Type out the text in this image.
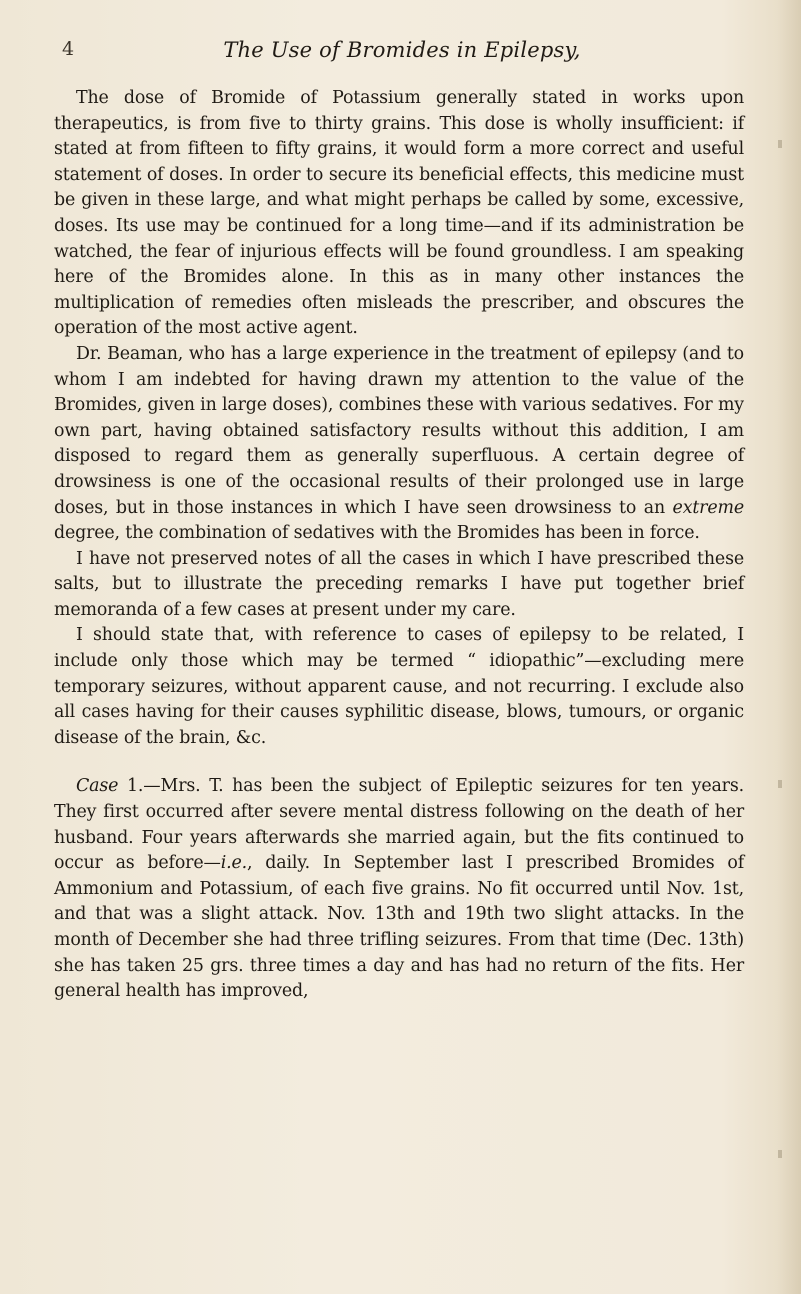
4	The Use of Bromides in Epilepsy,

The dose of Bromide of Potassium generally stated in works upon therapeutics, is from five to thirty grains. This dose is wholly insufficient: if stated at from fifteen to fifty grains, it would form a more correct and useful statement of doses. In order to secure its beneficial effects, this medicine must be given in these large, and what might perhaps be called by some, excessive, doses. Its use may be continued for a long time—and if its administration be watched, the fear of injurious effects will be found groundless. I am speaking here of the Bromides alone. In this as in many other instances the multiplication of remedies often misleads the prescriber, and obscures the operation of the most active agent.

Dr. Beaman, who has a large experience in the treatment of epilepsy (and to whom I am indebted for having drawn my attention to the value of the Bromides, given in large doses), combines these with various sedatives. For my own part, having obtained satisfactory results without this addition, I am disposed to regard them as generally superfluous. A certain degree of drowsiness is one of the occasional results of their prolonged use in large doses, but in those instances in which I have seen drowsiness to an extreme degree, the combination of sedatives with the Bromides has been in force.

I have not preserved notes of all the cases in which I have prescribed these salts, but to illustrate the preceding remarks I have put together brief memoranda of a few cases at present under my care.

I should state that, with reference to cases of epilepsy to be related, I include only those which may be termed “ idiopathic”—excluding mere temporary seizures, without apparent cause, and not recurring. I exclude also all cases having for their causes syphilitic disease, blows, tumours, or organic disease of the brain, &c.

Case 1.—Mrs. T. has been the subject of Epileptic seizures for ten years. They first occurred after severe mental distress following on the death of her husband. Four years afterwards she married again, but the fits continued to occur as before—i.e., daily. In September last I prescribed Bromides of Ammonium and Potassium, of each five grains. No fit occurred until Nov. 1st, and that was a slight attack. Nov. 13th and 19th two slight attacks. In the month of December she had three trifling seizures. From that time (Dec. 13th) she has taken 25 grs. three times a day and has had no return of the fits. Her general health has improved,
